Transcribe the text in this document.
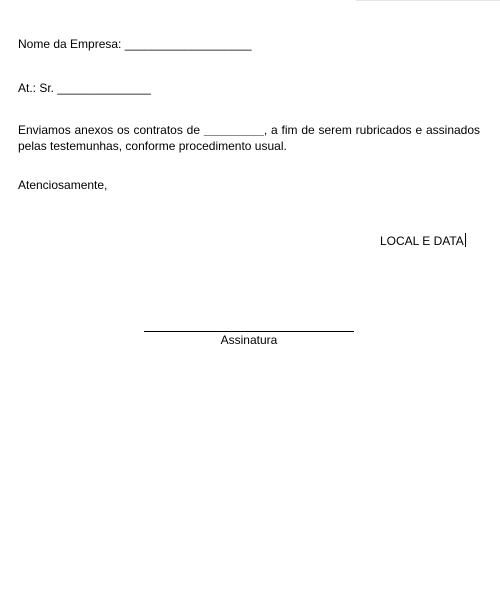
Nome da Empresa: ___________________
At.: Sr. ______________
Enviamos anexos os contratos de _________, a fim de serem rubricados e assinados pelas testemunhas, conforme procedimento usual.
Atenciosamente,
LOCAL E DATA
Assinatura
